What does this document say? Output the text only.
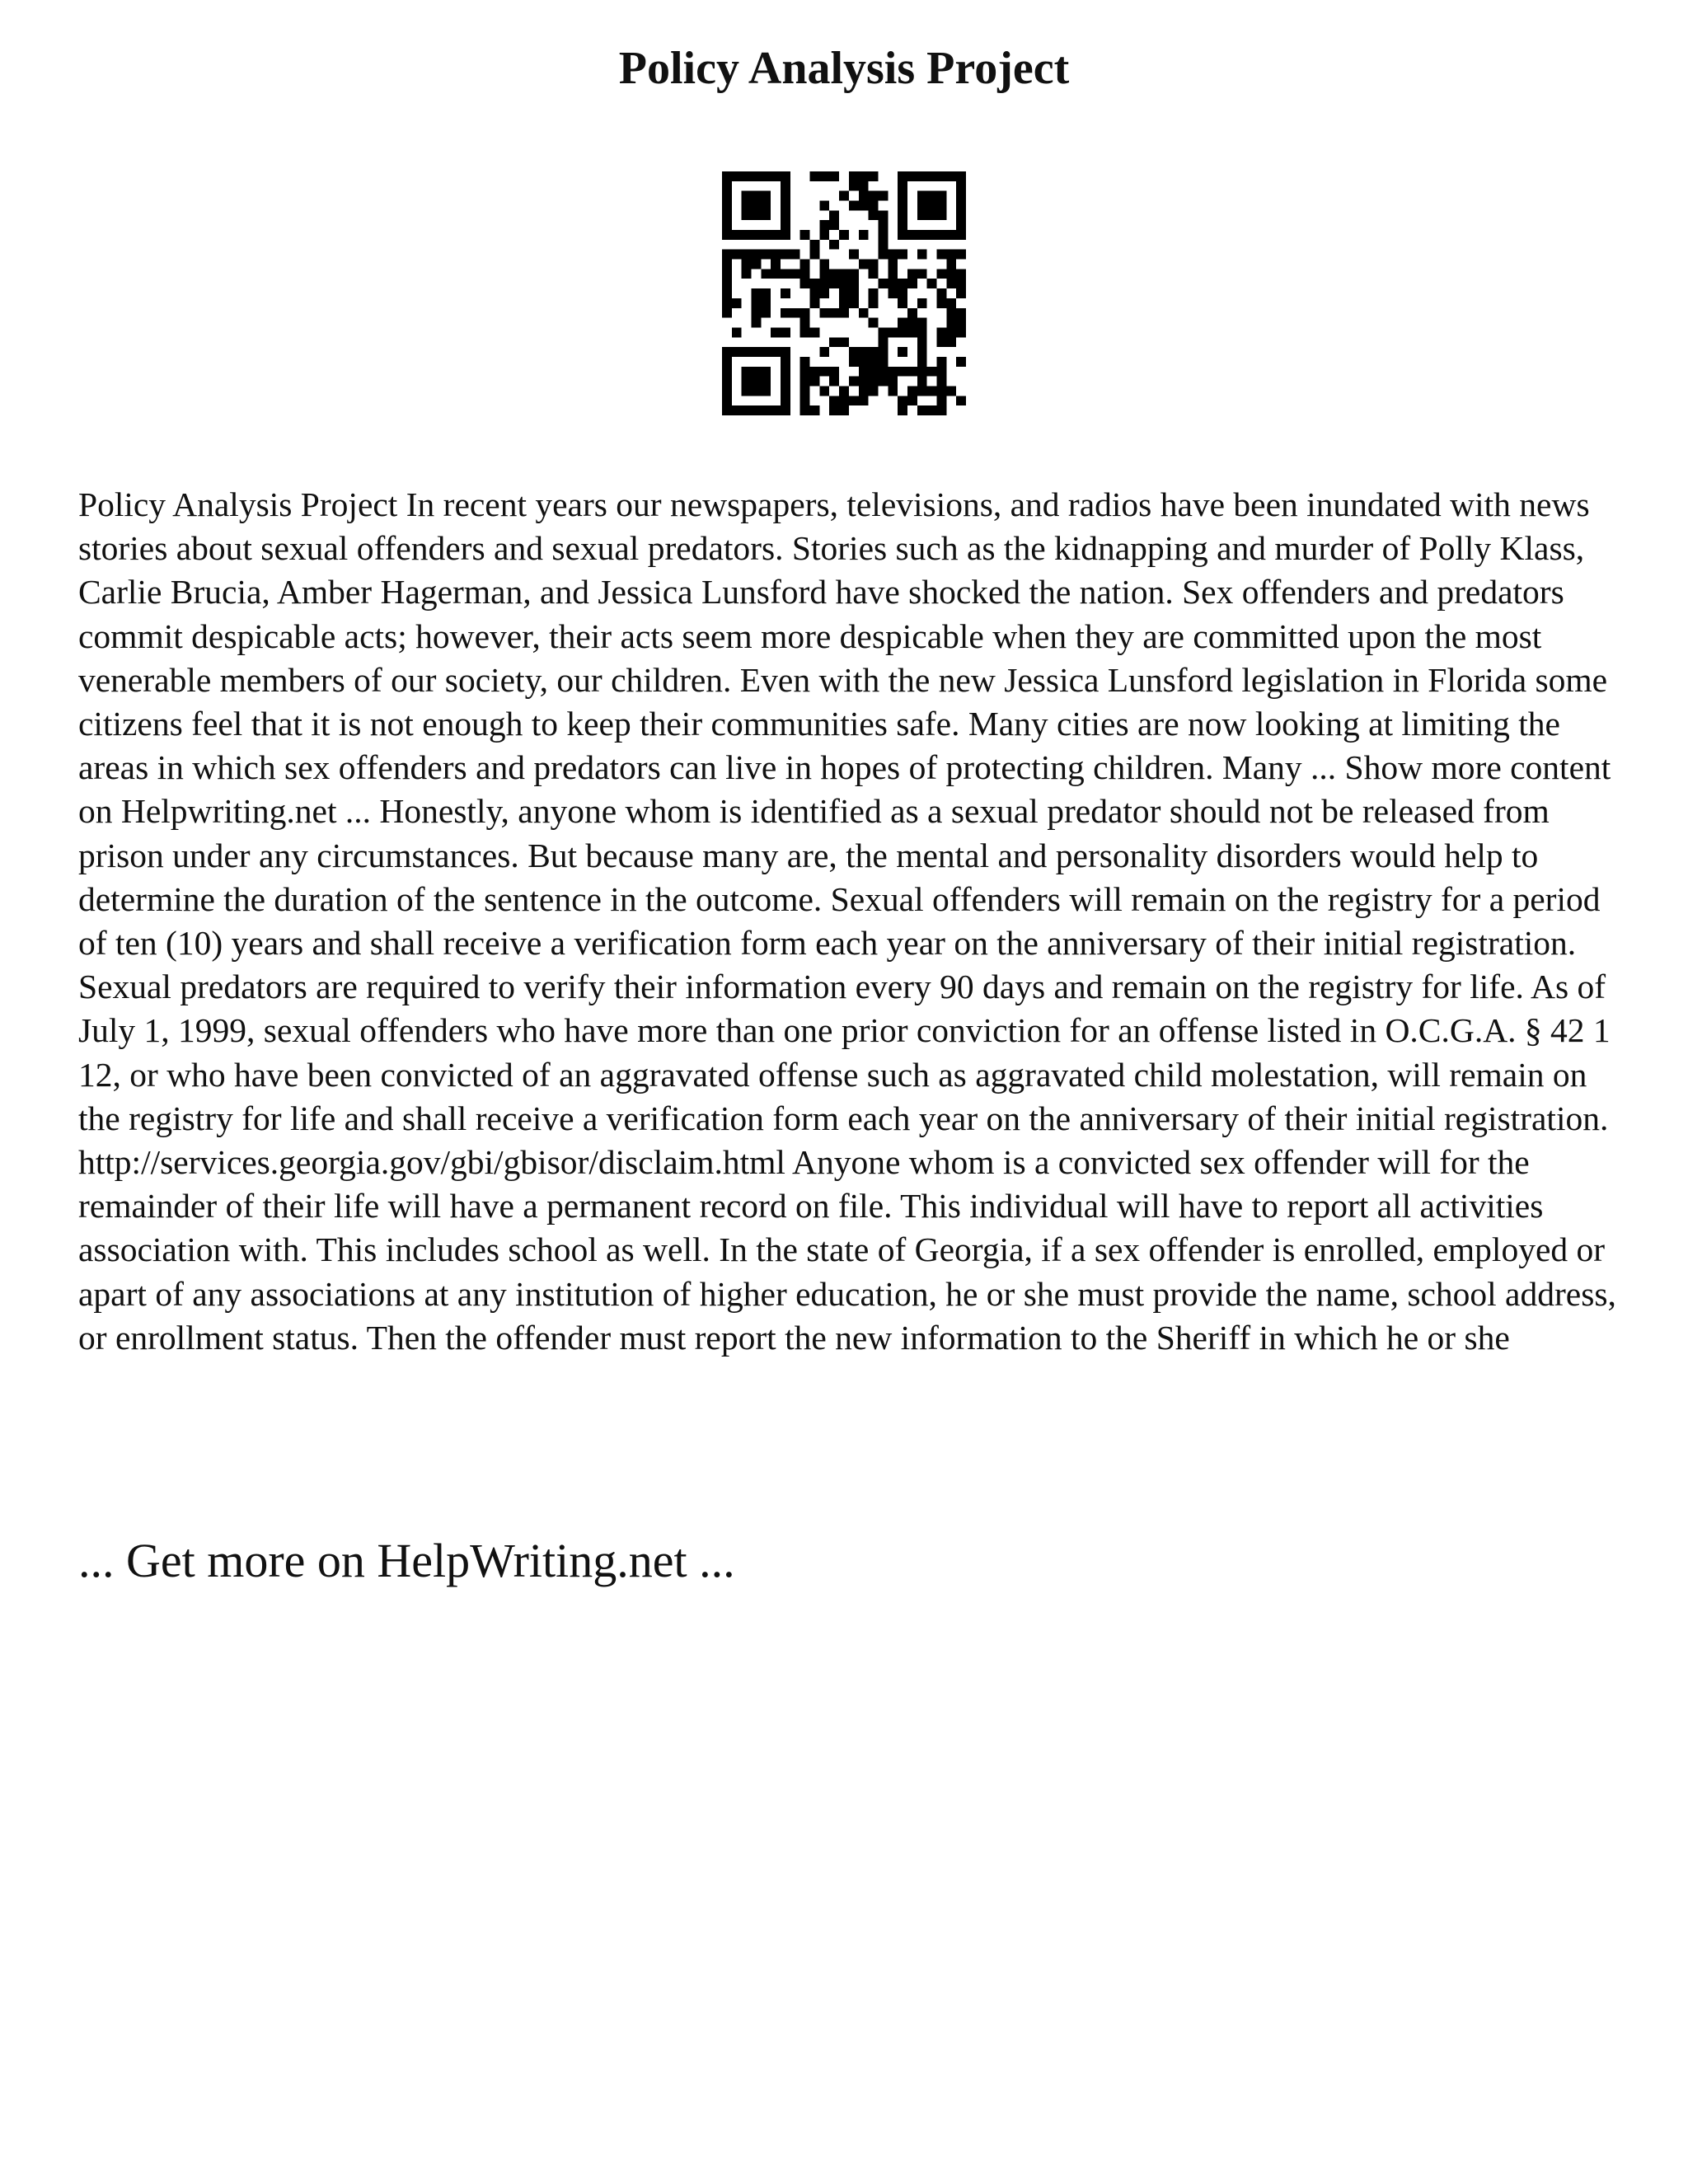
Policy Analysis Project

Policy Analysis Project In recent years our newspapers, televisions, and radios have been inundated with news stories about sexual offenders and sexual predators. Stories such as the kidnapping and murder of Polly Klass, Carlie Brucia, Amber Hagerman, and Jessica Lunsford have shocked the nation. Sex offenders and predators commit despicable acts; however, their acts seem more despicable when they are committed upon the most venerable members of our society, our children. Even with the new Jessica Lunsford legislation in Florida some citizens feel that it is not enough to keep their communities safe. Many cities are now looking at limiting the areas in which sex offenders and predators can live in hopes of protecting children. Many ... Show more content on Helpwriting.net ... Honestly, anyone whom is identified as a sexual predator should not be released from prison under any circumstances. But because many are, the mental and personality disorders would help to determine the duration of the sentence in the outcome. Sexual offenders will remain on the registry for a period of ten (10) years and shall receive a verification form each year on the anniversary of their initial registration. Sexual predators are required to verify their information every 90 days and remain on the registry for life. As of July 1, 1999, sexual offenders who have more than one prior conviction for an offense listed in O.C.G.A. § 42 1 12, or who have been convicted of an aggravated offense such as aggravated child molestation, will remain on the registry for life and shall receive a verification form each year on the anniversary of their initial registration. http://services.georgia.gov/gbi/gbisor/disclaim.html Anyone whom is a convicted sex offender will for the remainder of their life will have a permanent record on file. This individual will have to report all activities association with. This includes school as well. In the state of Georgia, if a sex offender is enrolled, employed or apart of any associations at any institution of higher education, he or she must provide the name, school address, or enrollment status. Then the offender must report the new information to the Sheriff in which he or she

... Get more on HelpWriting.net ...
